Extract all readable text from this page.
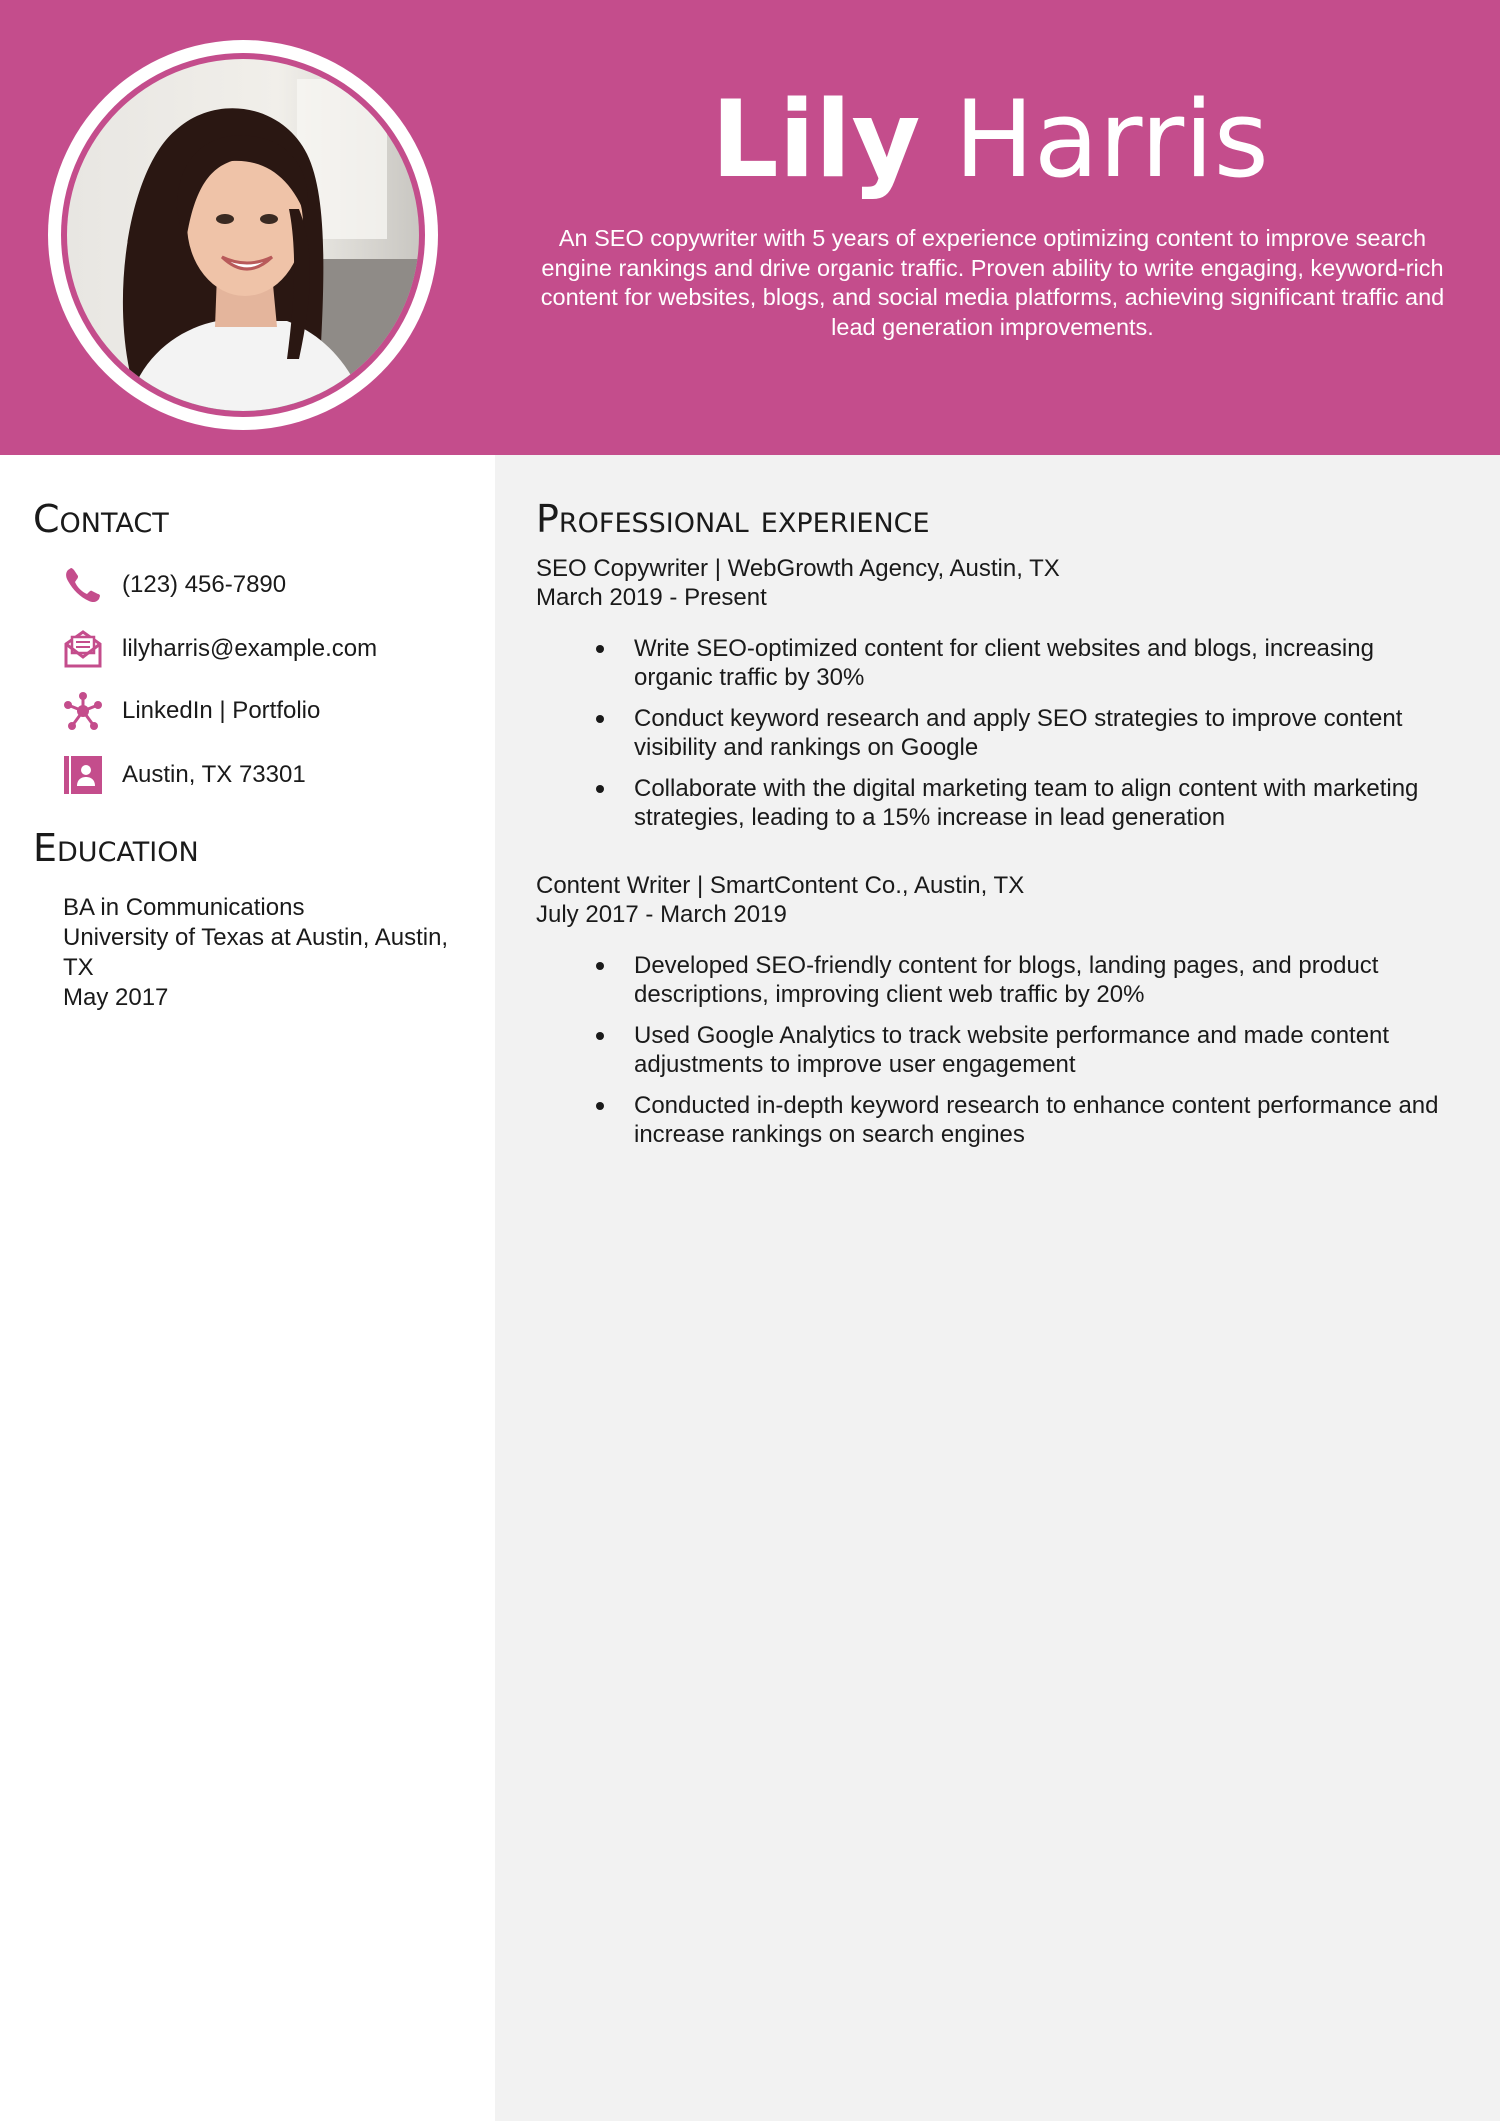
Lily Harris
An SEO copywriter with 5 years of experience optimizing content to improve search engine rankings and drive organic traffic. Proven ability to write engaging, keyword-rich content for websites, blogs, and social media platforms, achieving significant traffic and lead generation improvements.
Contact
(123) 456-7890
lilyharris@example.com
LinkedIn | Portfolio
Austin, TX 73301
Education
BA in Communications
University of Texas at Austin, Austin, TX
May 2017
Professional experience
SEO Copywriter | WebGrowth Agency, Austin, TX
March 2019 - Present
Write SEO-optimized content for client websites and blogs, increasing organic traffic by 30%
Conduct keyword research and apply SEO strategies to improve content visibility and rankings on Google
Collaborate with the digital marketing team to align content with marketing strategies, leading to a 15% increase in lead generation
Content Writer | SmartContent Co., Austin, TX
July 2017 - March 2019
Developed SEO-friendly content for blogs, landing pages, and product descriptions, improving client web traffic by 20%
Used Google Analytics to track website performance and made content adjustments to improve user engagement
Conducted in-depth keyword research to enhance content performance and increase rankings on search engines
